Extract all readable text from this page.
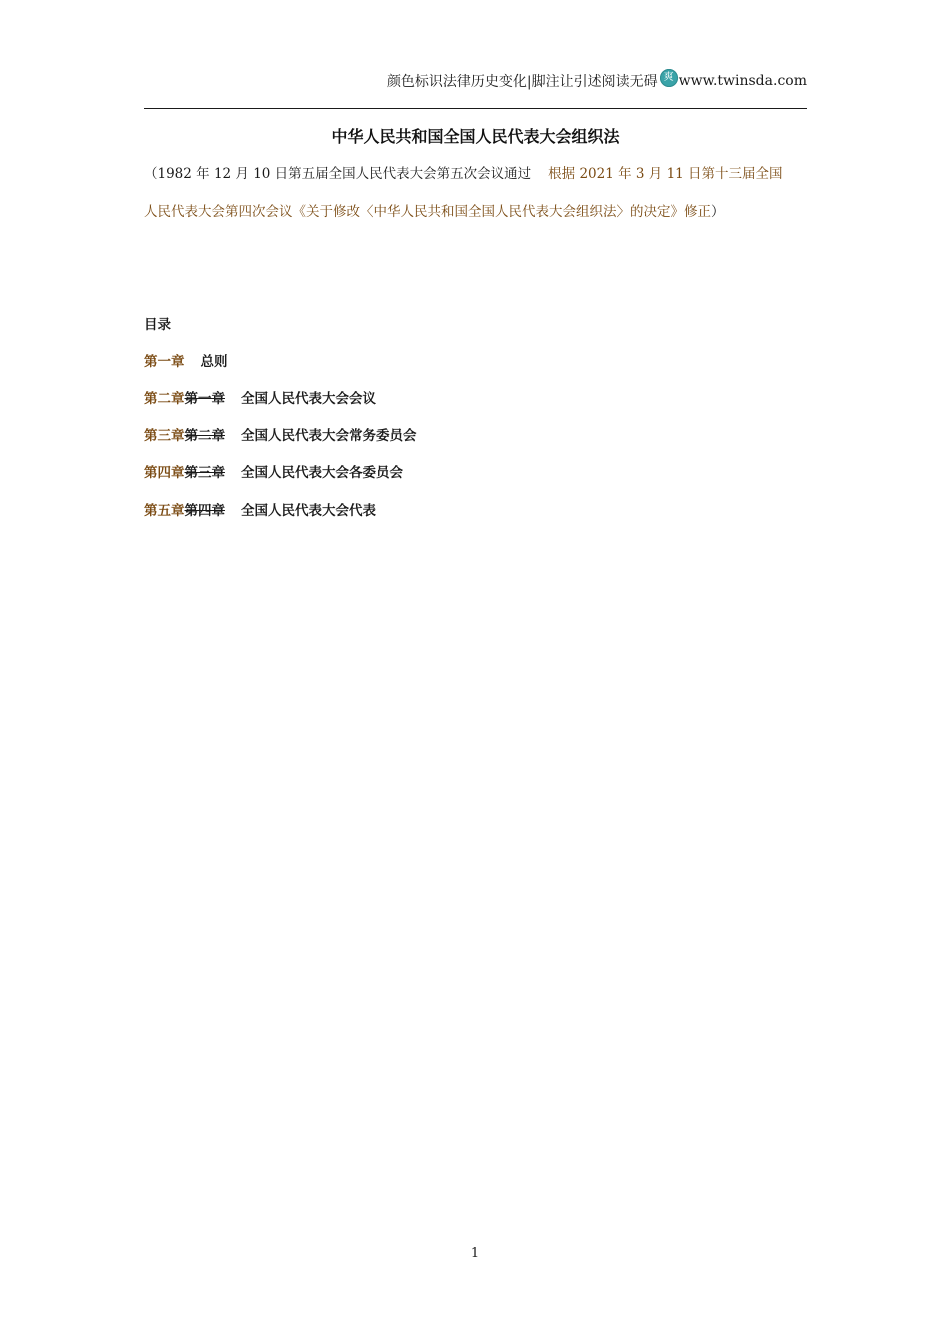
颜色标识法律历史变化|脚注让引述阅读无碍 爽 www.twinsda.com
中华人民共和国全国人民代表大会组织法
（1982 年 12 月 10 日第五届全国人民代表大会第五次会议通过 根据 2021 年 3 月 11 日第十三届全国
人民代表大会第四次会议《关于修改〈中华人民共和国全国人民代表大会组织法〉的决定》修正）
目录
第一章 总则
第二章第一章 全国人民代表大会会议
第三章第二章 全国人民代表大会常务委员会
第四章第三章 全国人民代表大会各委员会
第五章第四章 全国人民代表大会代表
1
